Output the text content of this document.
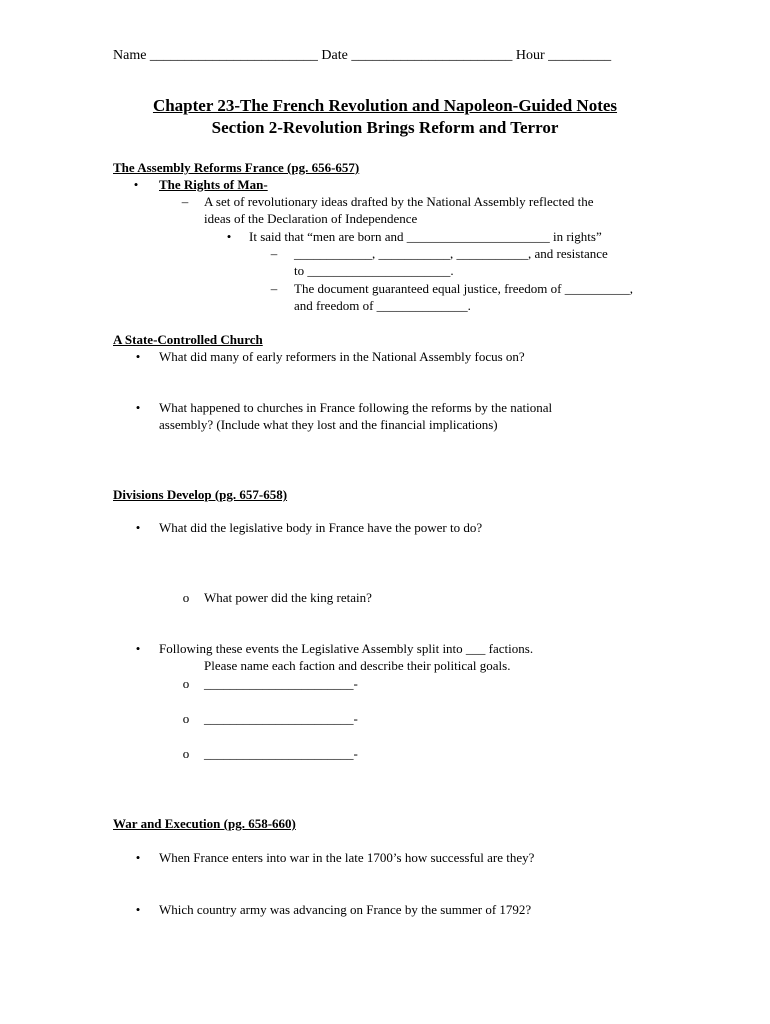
Name ________________________ Date _______________________ Hour _________
Chapter 23-The French Revolution and Napoleon-Guided Notes
Section 2-Revolution Brings Reform and Terror
The Assembly Reforms France (pg. 656-657)
• The Rights of Man-
– A set of revolutionary ideas drafted by the National Assembly reflected the
ideas of the Declaration of Independence
• It said that “men are born and ______________________ in rights”
– ____________, ___________, ___________, and resistance
to ______________________.
– The document guaranteed equal justice, freedom of __________,
and freedom of ______________.
A State-Controlled Church
• What did many of early reformers in the National Assembly focus on?
• What happened to churches in France following the reforms by the national
assembly? (Include what they lost and the financial implications)
Divisions Develop (pg. 657-658)
• What did the legislative body in France have the power to do?
o What power did the king retain?
• Following these events the Legislative Assembly split into ___ factions.
Please name each faction and describe their political goals.
o _______________________-
o _______________________-
o _______________________-
War and Execution (pg. 658-660)
• When France enters into war in the late 1700’s how successful are they?
• Which country army was advancing on France by the summer of 1792?
